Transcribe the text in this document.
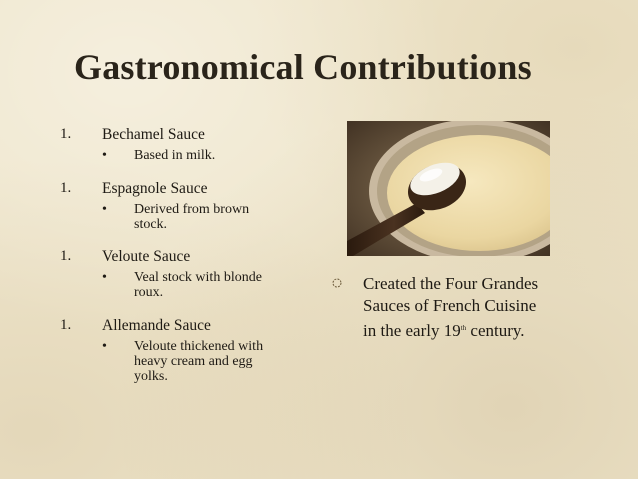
Gastronomical Contributions
1. Bechamel Sauce
• Based in milk.
1. Espagnole Sauce
• Derived from brown
stock.
1. Veloute Sauce
• Veal stock with blonde
roux.
1. Allemande Sauce
• Veloute thickened with
heavy cream and egg
yolks.
Created the Four Grandes
Sauces of French Cuisine
in the early 19th century.
